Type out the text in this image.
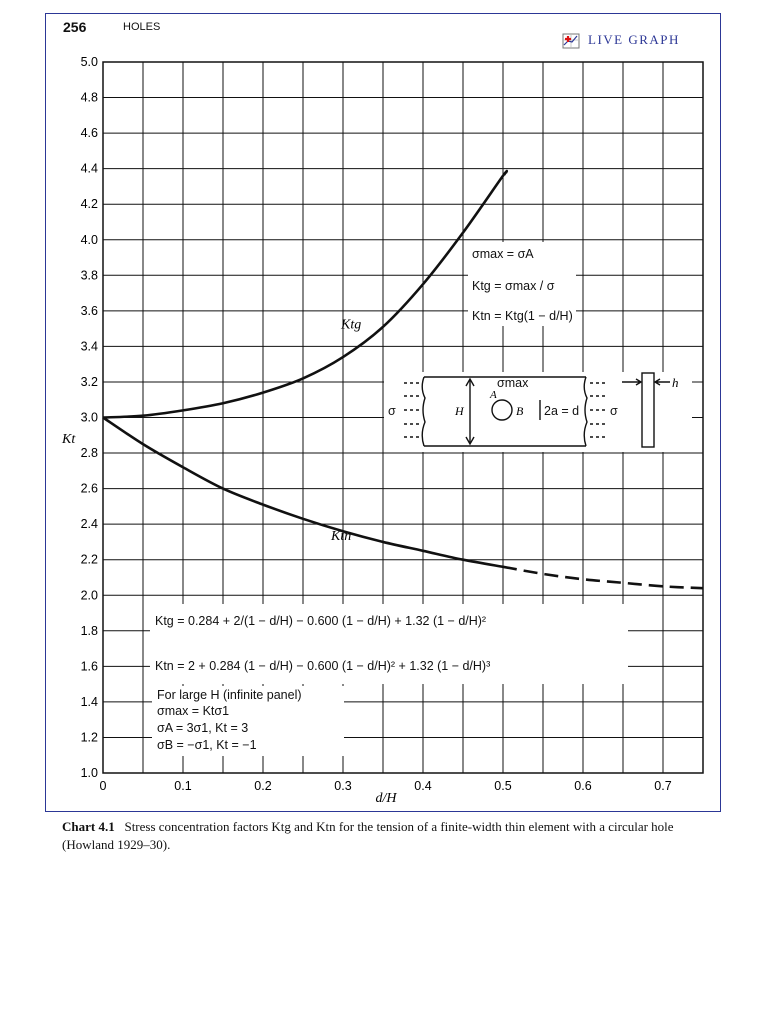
256	HOLES
LIVE GRAPH
1.0
1.2
1.4
1.6
1.8
2.0
2.2
2.4
2.6
2.8
3.0
3.2
3.4
3.6
3.8
4.0
4.2
4.4
4.6
4.8
5.0
0	0.1	0.2	0.3	0.4	0.5	0.6	0.7
Ktg
Ktn
σmax = σA
Ktg = σmax / σ
Ktn = Ktg(1 − d/H)
σmax
A
σ	H	B 2a = d σ
h
Ktg = 0.284 + 2/(1 − d/H) − 0.600 (1 − d/H) + 1.32 (1 − d/H)²
Ktn = 2 + 0.284 (1 − d/H) − 0.600 (1 − d/H)² + 1.32 (1 − d/H)³
For large H (infinite panel)
σmax = Ktσ1
σA = 3σ1, Kt = 3
σB = −σ1, Kt = −1
d/H
Kt
Chart 4.1 Stress concentration factors Ktg and Ktn for the tension of a finite-width thin element with a circular hole (Howland 1929–30).
